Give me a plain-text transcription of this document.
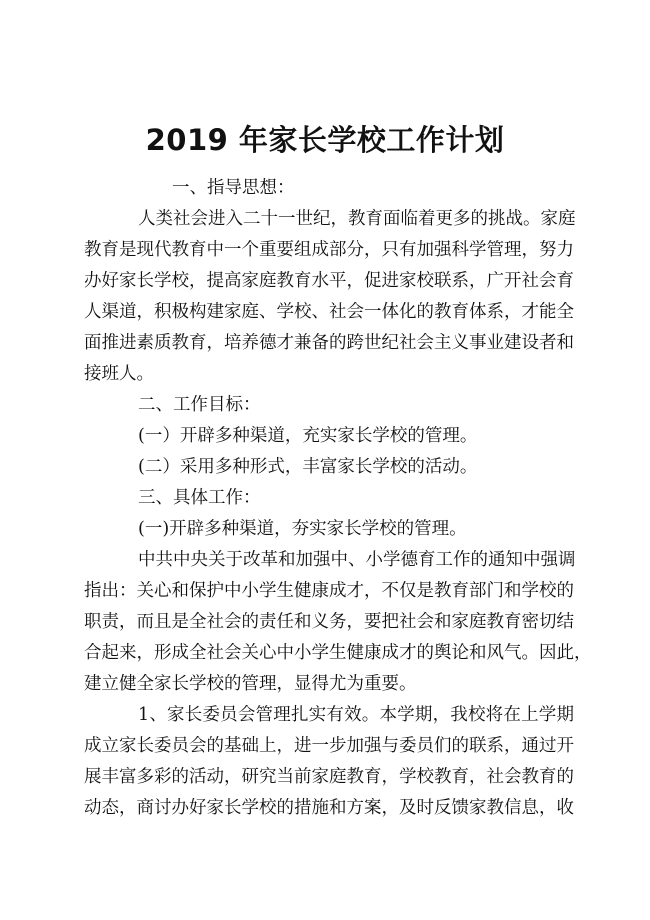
2019 年家长学校工作计划
一、指导思想：
人类社会进入二十一世纪，教育面临着更多的挑战。家庭
教育是现代教育中一个重要组成部分，只有加强科学管理，努力
办好家长学校，提高家庭教育水平，促进家校联系，广开社会育
人渠道，积极构建家庭、学校、社会一体化的教育体系，才能全
面推进素质教育，培养德才兼备的跨世纪社会主义事业建设者和
接班人。
二、工作目标：
(一）开辟多种渠道，充实家长学校的管理。
(二）采用多种形式，丰富家长学校的活动。
三、具体工作：
(一)开辟多种渠道，夯实家长学校的管理。
中共中央关于改革和加强中、小学德育工作的通知中强调
指出：关心和保护中小学生健康成才，不仅是教育部门和学校的
职责，而且是全社会的责任和义务，要把社会和家庭教育密切结
合起来，形成全社会关心中小学生健康成才的舆论和风气。因此，
建立健全家长学校的管理，显得尤为重要。
1、家长委员会管理扎实有效。本学期，我校将在上学期
成立家长委员会的基础上，进一步加强与委员们的联系，通过开
展丰富多彩的活动，研究当前家庭教育，学校教育，社会教育的
动态，商讨办好家长学校的措施和方案，及时反馈家教信息，收
